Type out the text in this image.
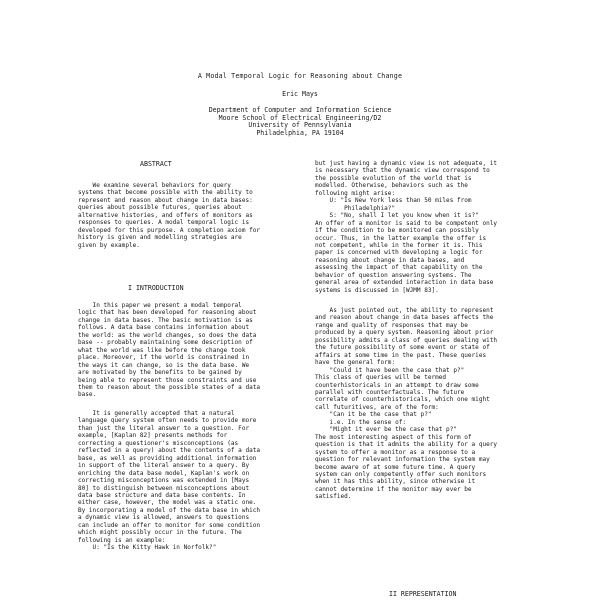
A Modal Temporal Logic for Reasoning about Change
Eric Mays
Department of Computer and Information Science
Moore School of Electrical Engineering/D2
University of Pennsylvania
Philadelphia, PA 19104
ABSTRACT
We examine several behaviors for query
systems that become possible with the ability to
represent and reason about change in data bases:
queries about possible futures, queries about
alternative histories, and offers of monitors as
responses to queries. A modal temporal logic is
developed for this purpose. A completion axiom for
history is given and modelling strategies are
given by example.
I INTRODUCTION
In this paper we present a modal temporal
logic that has been developed for reasoning about
change in data bases. The basic motivation is as
follows. A data base contains information about
the world: as the world changes, so does the data
base -- probably maintaining some description of
what the world was like before the change took
place. Moreover, if the world is constrained in
the ways it can change, so is the data base. We
are motivated by the benefits to be gained by
being able to represent those constraints and use
them to reason about the possible states of a data
base.
It is generally accepted that a natural
language query system often needs to provide more
than just the literal answer to a question. For
example, [Kaplan 82] presents methods for
correcting a questioner's misconceptions (as
reflected in a query) about the contents of a data
base, as well as providing additional information
in support of the literal answer to a query. By
enriching the data base model, Kaplan's work on
correcting misconceptions was extended in [Mays
80] to distinguish between misconceptions about
data base structure and data base contents. In
either case, however, the model was a static one.
By incorporating a model of the data base in which
a dynamic view is allowed, answers to questions
can include an offer to monitor for some condition
which might possibly occur in the future. The
following is an example:
U: "Is the Kitty Hawk in Norfolk?"
but just having a dynamic view is not adequate, it
is necessary that the dynamic view correspond to
the possible evolution of the world that is
modelled. Otherwise, behaviors such as the
following might arise:
U: "Is New York less than 50 miles from
Philadelphia?"
S: "No, shall I let you know when it is?"
An offer of a monitor is said to be competent only
if the condition to be monitored can possibly
occur. Thus, in the latter example the offer is
not competent, while in the former it is. This
paper is concerned with developing a logic for
reasoning about change in data bases, and
assessing the impact of that capability on the
behavior of question answering systems. The
general area of extended interaction in data base
systems is discussed in [WJMM 83].
As just pointed out, the ability to represent
and reason about change in data bases affects the
range and quality of responses that may be
produced by a query system. Reasoning about prior
possibility admits a class of queries dealing with
the future possibility of some event or state of
affairs at some time in the past. These queries
have the general form:
"Could it have been the case that p?"
This class of queries will be termed
counterhistoricals in an attempt to draw some
parallel with counterfactuals. The future
correlate of counterhistoricals, which one might
call futuritives, are of the form:
"Can it be the case that p?"
i.e. In the sense of:
"Might it ever be the case that p?"
The most interesting aspect of this form of
question is that it admits the ability for a query
system to offer a monitor as a response to a
question for relevant information the system may
become aware of at some future time. A query
system can only competently offer such monitors
when it has this ability, since otherwise it
cannot determine if the monitor may ever be
satisfied.
II REPRESENTATION
